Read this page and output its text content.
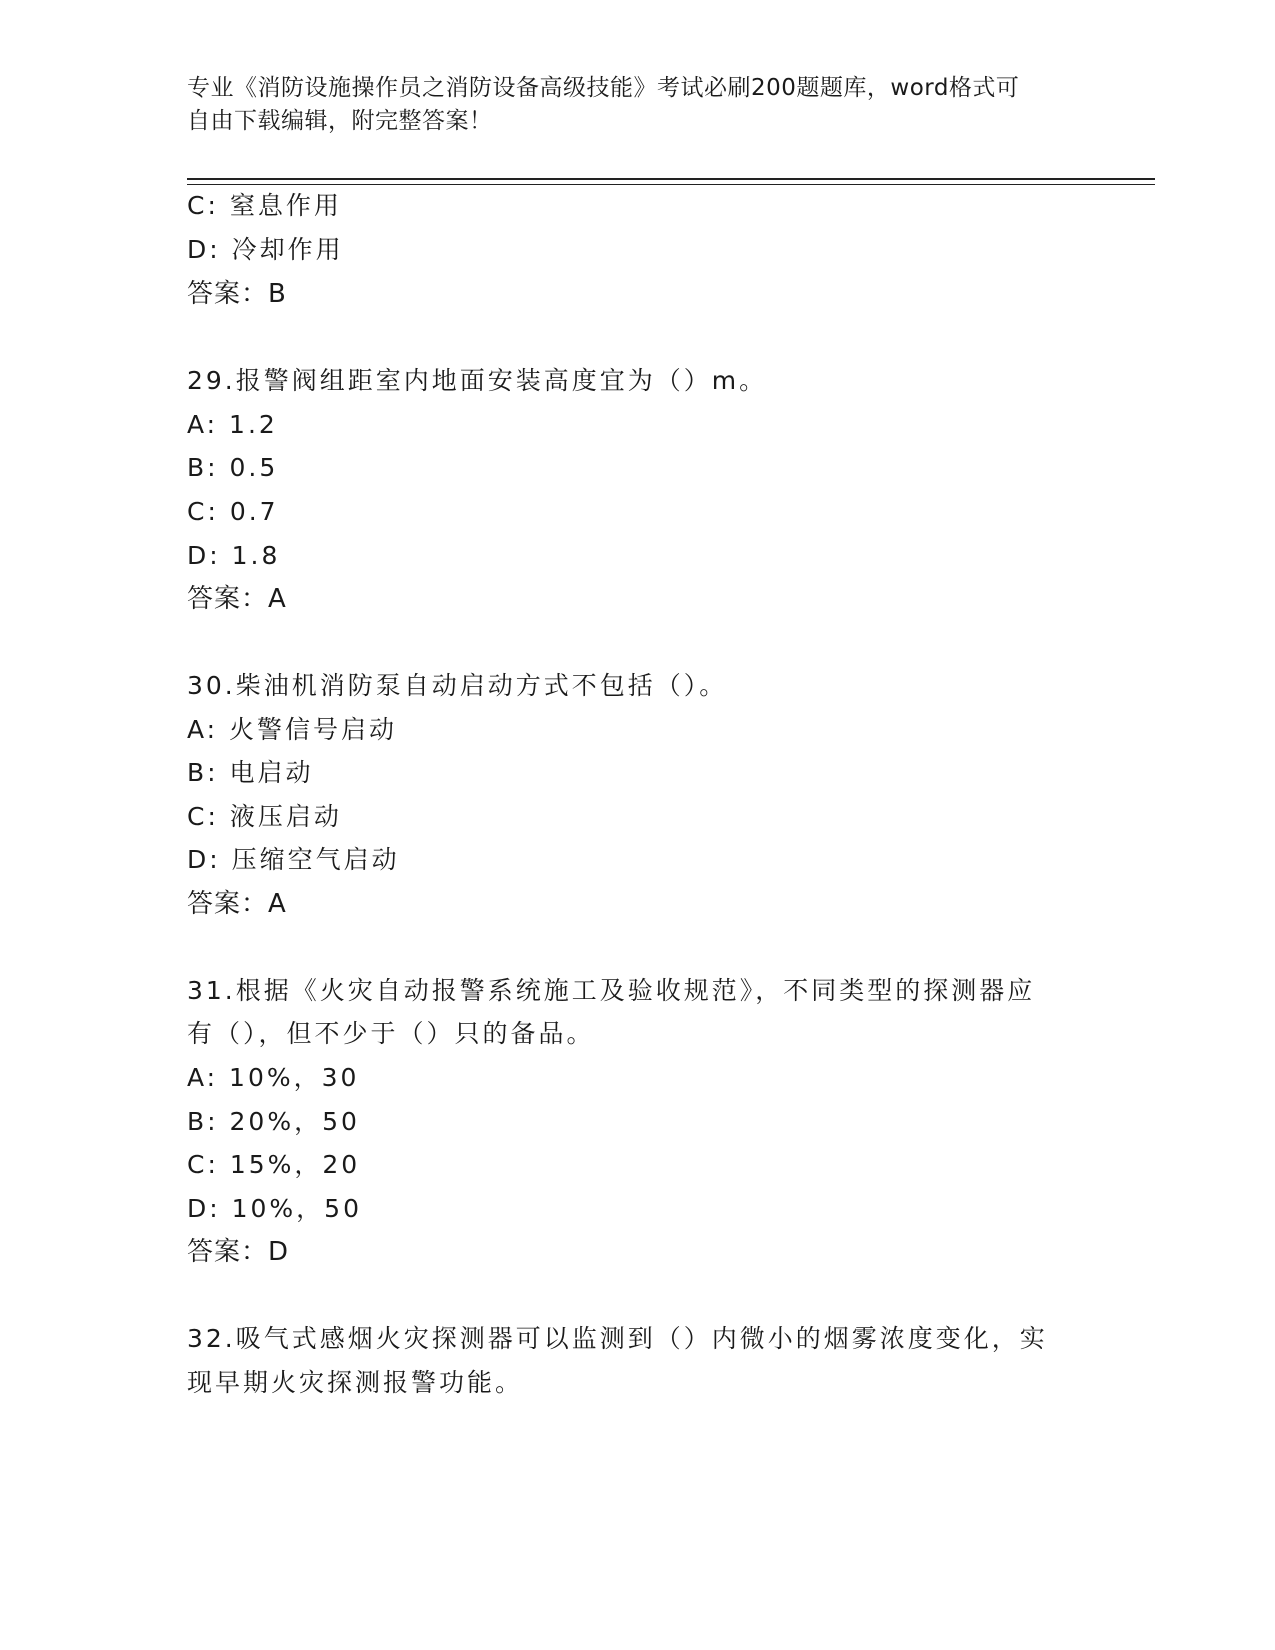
专业《消防设施操作员之消防设备高级技能》考试必刷200题题库，word格式可
自由下载编辑，附完整答案！
C: 窒息作用
D: 冷却作用
答案：B
29.报警阀组距室内地面安装高度宜为（）m。
A: 1.2
B: 0.5
C: 0.7
D: 1.8
答案：A
30.柴油机消防泵自动启动方式不包括（）。
A: 火警信号启动
B: 电启动
C: 液压启动
D: 压缩空气启动
答案：A
31.根据《火灾自动报警系统施工及验收规范》，不同类型的探测器应
有（），但不少于（）只的备品。
A: 10%，30
B: 20%，50
C: 15%，20
D: 10%，50
答案：D
32.吸气式感烟火灾探测器可以监测到（）内微小的烟雾浓度变化，实
现早期火灾探测报警功能。
